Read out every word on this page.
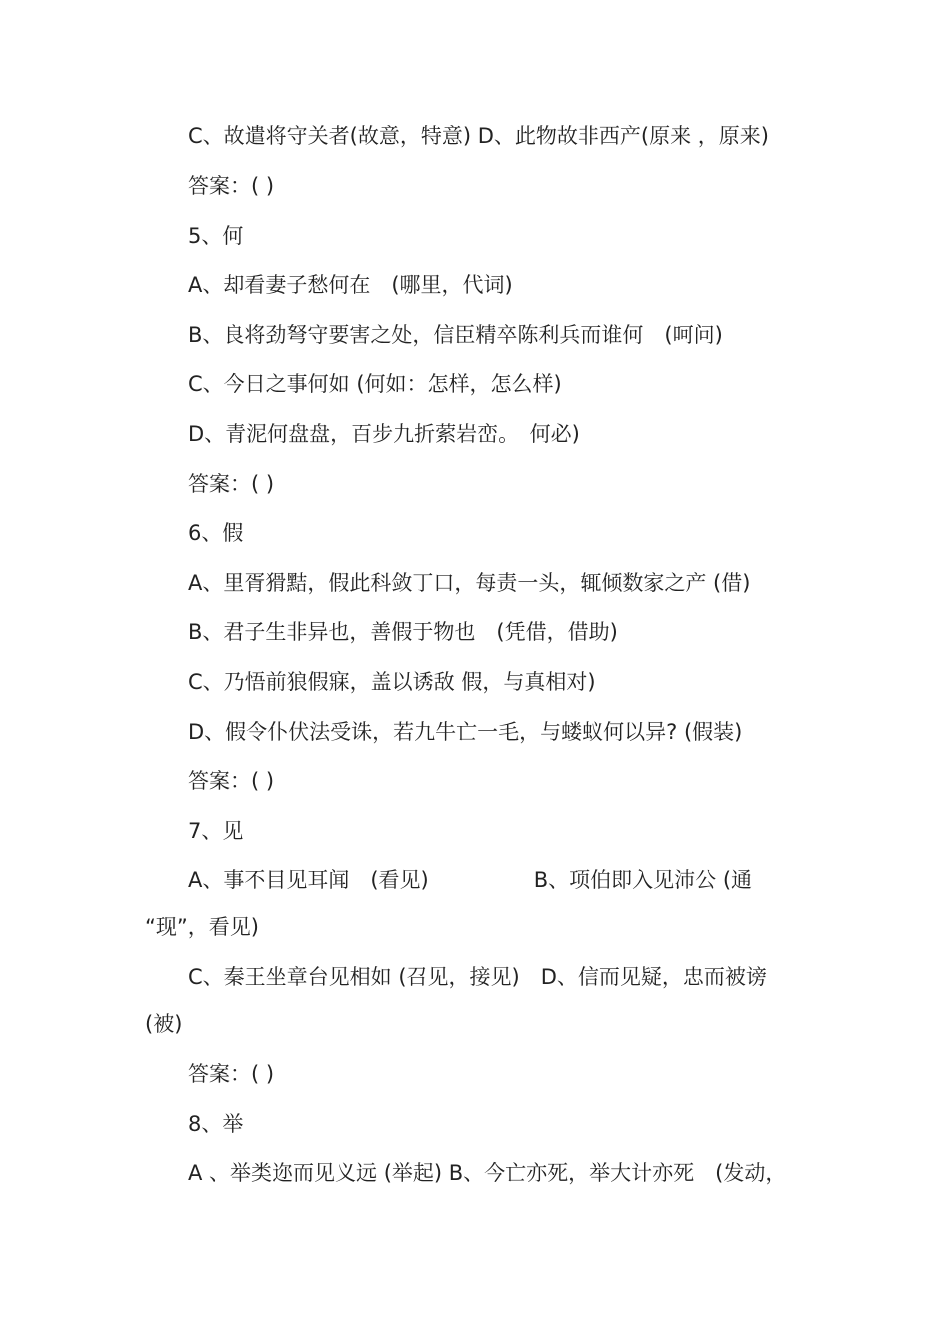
C、故遣将守关者(故意，特意) D、此物故非西产(原来 ，原来)
答案：( )
5、何
A、却看妻子愁何在　(哪里，代词)
B、良将劲弩守要害之处，信臣精卒陈利兵而谁何　(呵问)
C、今日之事何如 (何如：怎样，怎么样)
D、青泥何盘盘，百步九折萦岩峦。　何必)
答案：( )
6、假
A、里胥猾黠，假此科敛丁口，每责一头，辄倾数家之产 (借)
B、君子生非异也，善假于物也　(凭借，借助)
C、乃悟前狼假寐，盖以诱敌 假，与真相对)
D、假令仆伏法受诛，若九牛亡一毛，与蝼蚁何以异? (假装)
答案：( )
7、见
A、事不目见耳闻　(看见)　　　　　B、项伯即入见沛公 (通
“现”，看见)
C、秦王坐章台见相如 (召见，接见)　D、信而见疑，忠而被谤
(被)
答案：( )
8、举
A 、举类迩而见义远 (举起) B、今亡亦死，举大计亦死　(发动，
